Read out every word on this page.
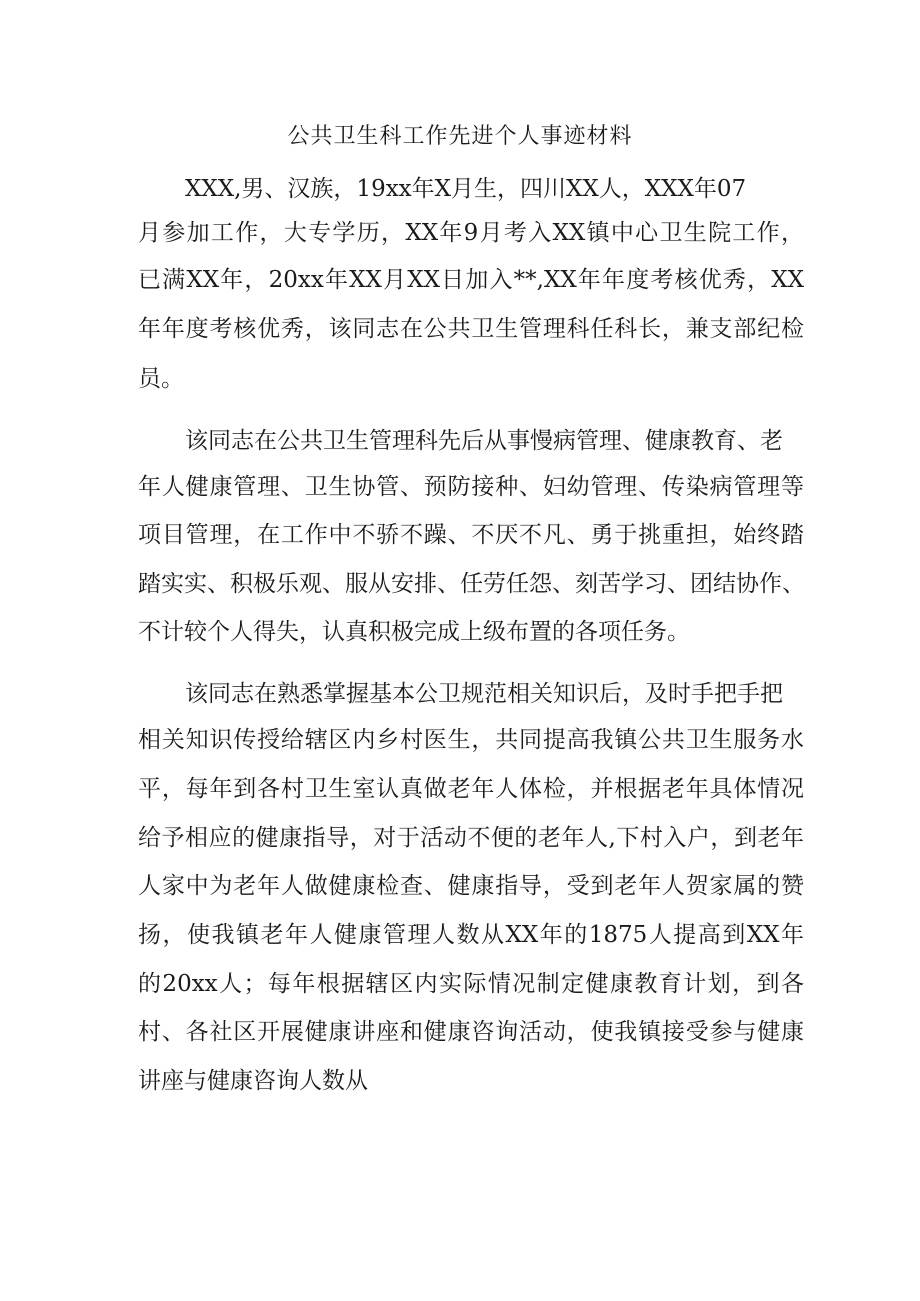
公共卫生科工作先进个人事迹材料
XXX,男、汉族，19xx年X月生，四川XX人，XXX年07
月参加工作，大专学历，XX年9月考入XX镇中心卫生院工作，
已满XX年，20xx年XX月XX日加入**,XX年年度考核优秀，XX
年年度考核优秀，该同志在公共卫生管理科任科长，兼支部纪检
员。
该同志在公共卫生管理科先后从事慢病管理、健康教育、老
年人健康管理、卫生协管、预防接种、妇幼管理、传染病管理等
项目管理，在工作中不骄不躁、不厌不凡、勇于挑重担，始终踏
踏实实、积极乐观、服从安排、任劳任怨、刻苦学习、团结协作、
不计较个人得失，认真积极完成上级布置的各项任务。
该同志在熟悉掌握基本公卫规范相关知识后，及时手把手把
相关知识传授给辖区内乡村医生，共同提高我镇公共卫生服务水
平，每年到各村卫生室认真做老年人体检，并根据老年具体情况
给予相应的健康指导，对于活动不便的老年人,下村入户，到老年
人家中为老年人做健康检查、健康指导，受到老年人贺家属的赞
扬，使我镇老年人健康管理人数从XX年的1875人提高到XX年
的20xx人；每年根据辖区内实际情况制定健康教育计划，到各
村、各社区开展健康讲座和健康咨询活动，使我镇接受参与健康
讲座与健康咨询人数从
